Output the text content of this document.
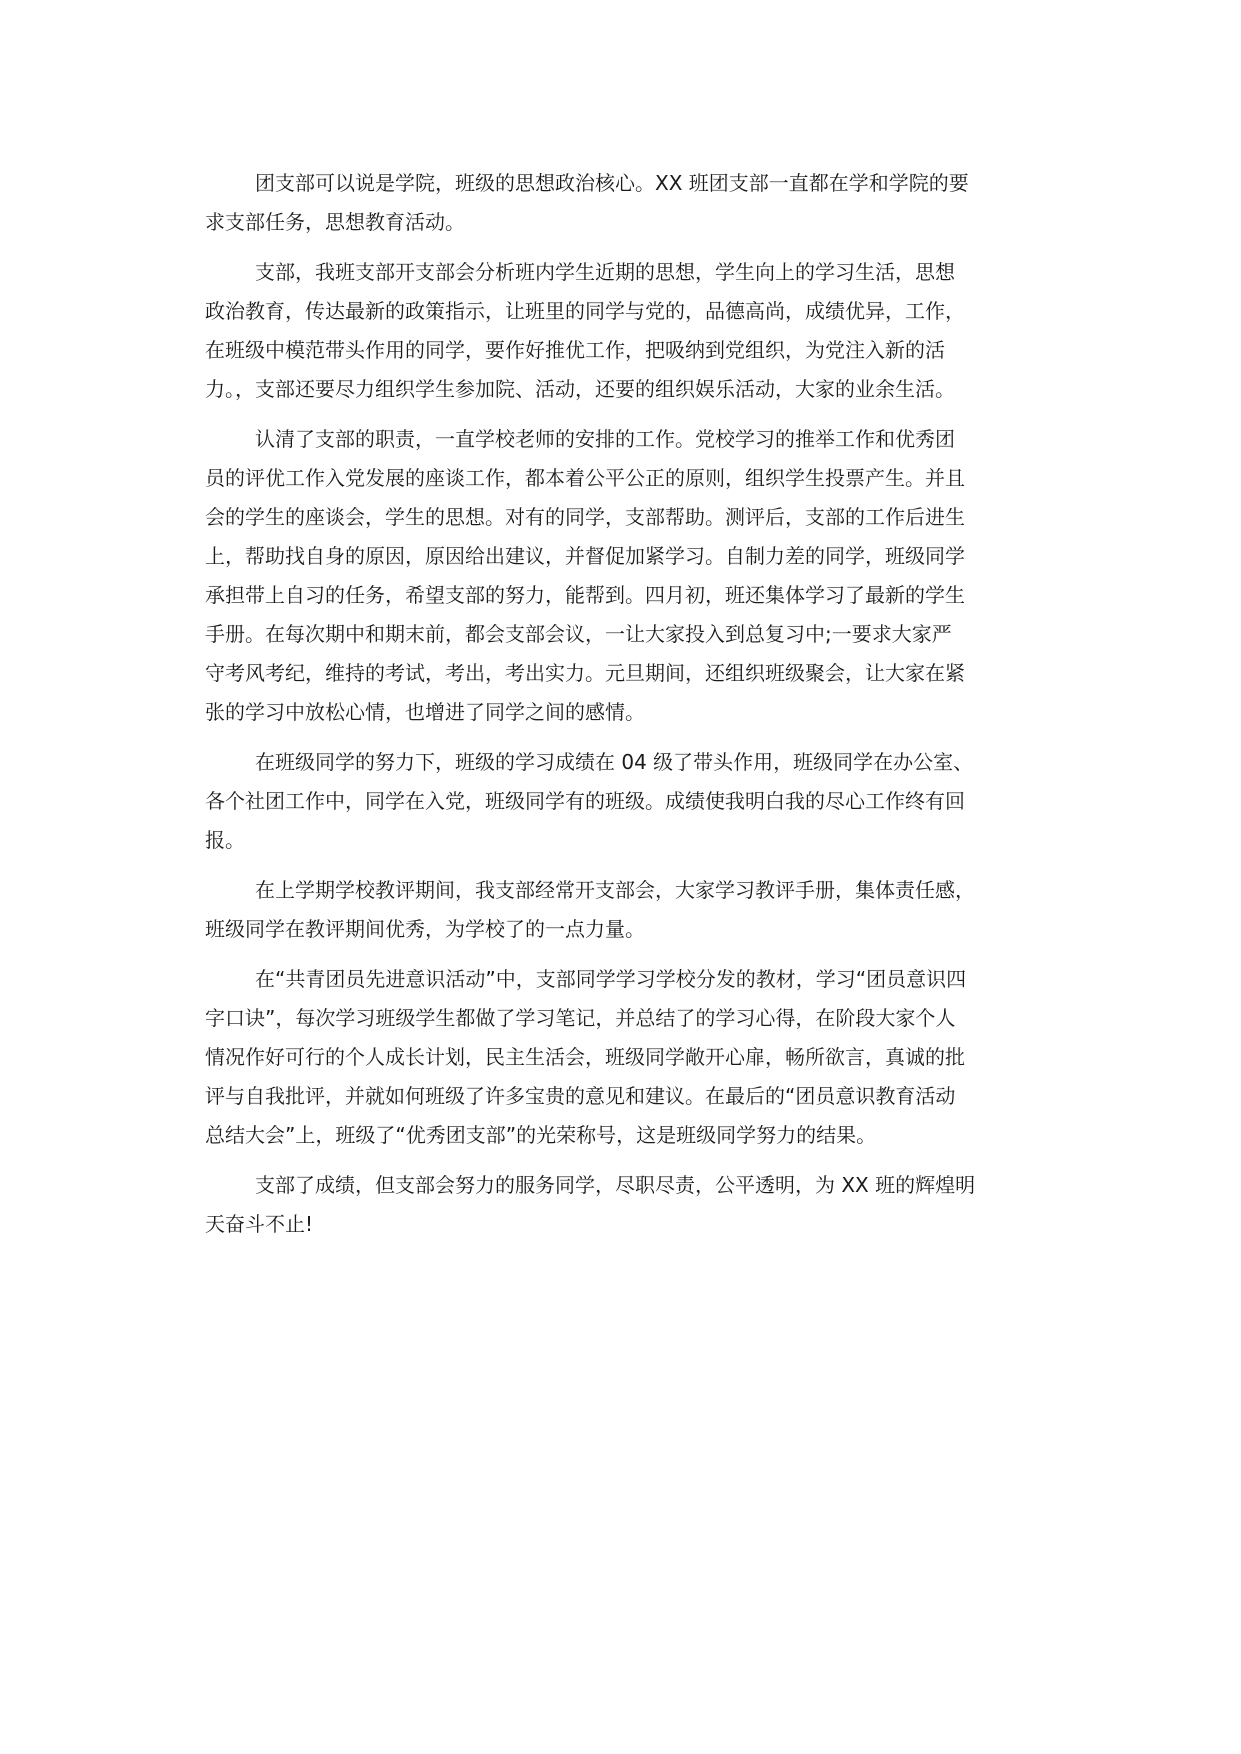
团支部可以说是学院，班级的思想政治核心。XX 班团支部一直都在学和学院的要
求支部任务，思想教育活动。
支部，我班支部开支部会分析班内学生近期的思想，学生向上的学习生活，思想
政治教育，传达最新的政策指示，让班里的同学与党的，品德高尚，成绩优异，工作，
在班级中模范带头作用的同学，要作好推优工作，把吸纳到党组织，为党注入新的活
力。，支部还要尽力组织学生参加院、活动，还要的组织娱乐活动，大家的业余生活。
认清了支部的职责，一直学校老师的安排的工作。党校学习的推举工作和优秀团
员的评优工作入党发展的座谈工作，都本着公平公正的原则，组织学生投票产生。并且
会的学生的座谈会，学生的思想。对有的同学，支部帮助。测评后，支部的工作后进生
上，帮助找自身的原因，原因给出建议，并督促加紧学习。自制力差的同学，班级同学
承担带上自习的任务，希望支部的努力，能帮到。四月初，班还集体学习了最新的学生
手册。在每次期中和期末前，都会支部会议，一让大家投入到总复习中;一要求大家严
守考风考纪，维持的考试，考出，考出实力。元旦期间，还组织班级聚会，让大家在紧
张的学习中放松心情，也增进了同学之间的感情。
在班级同学的努力下，班级的学习成绩在 04 级了带头作用，班级同学在办公室、
各个社团工作中，同学在入党，班级同学有的班级。成绩使我明白我的尽心工作终有回
报。
在上学期学校教评期间，我支部经常开支部会，大家学习教评手册，集体责任感，
班级同学在教评期间优秀，为学校了的一点力量。
在“共青团员先进意识活动”中，支部同学学习学校分发的教材，学习“团员意识四
字口诀”，每次学习班级学生都做了学习笔记，并总结了的学习心得，在阶段大家个人
情况作好可行的个人成长计划，民主生活会，班级同学敞开心扉，畅所欲言，真诚的批
评与自我批评，并就如何班级了许多宝贵的意见和建议。在最后的“团员意识教育活动
总结大会”上，班级了“优秀团支部”的光荣称号，这是班级同学努力的结果。
支部了成绩，但支部会努力的服务同学，尽职尽责，公平透明，为 XX 班的辉煌明
天奋斗不止!
